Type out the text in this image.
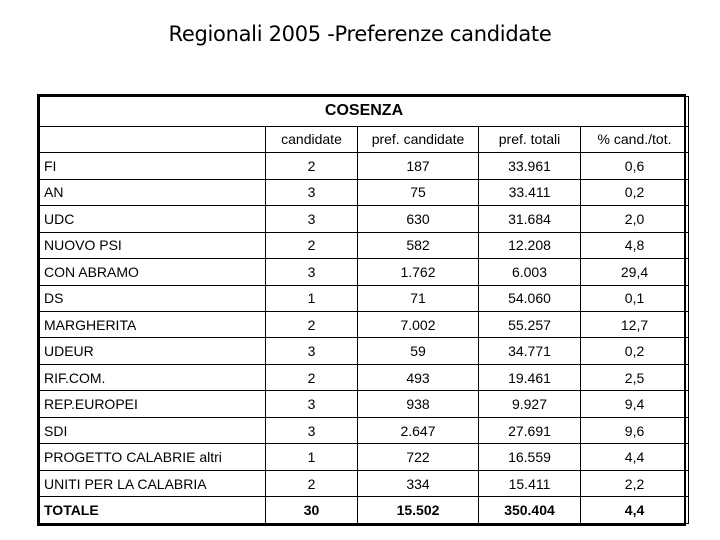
Regionali 2005 -Preferenze candidate
COSENZA				
	candidate	pref. candidate	pref. totali	% cand./tot.
FI	2	187	33.961	0,6
AN	3	75	33.411	0,2
UDC	3	630	31.684	2,0
NUOVO PSI	2	582	12.208	4,8
CON ABRAMO	3	1.762	6.003	29,4
DS	1	71	54.060	0,1
MARGHERITA	2	7.002	55.257	12,7
UDEUR	3	59	34.771	0,2
RIF.COM.	2	493	19.461	2,5
REP.EUROPEI	3	938	9.927	9,4
SDI	3	2.647	27.691	9,6
PROGETTO CALABRIE altri	1	722	16.559	4,4
UNITI PER LA CALABRIA	2	334	15.411	2,2
TOTALE	30	15.502	350.404	4,4
